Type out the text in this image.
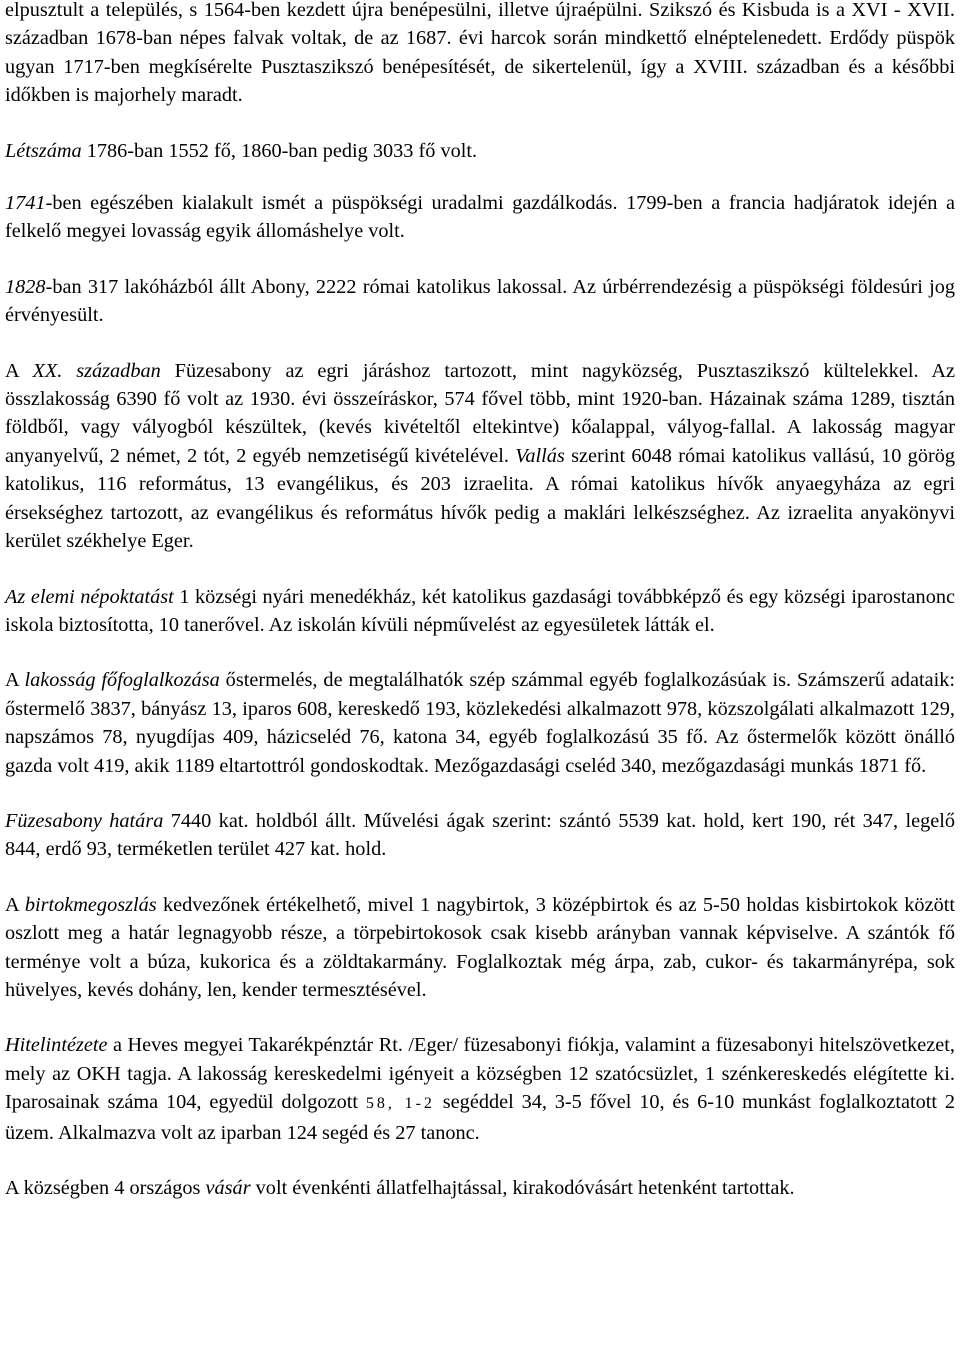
elpusztult a település, s 1564-ben kezdett újra benépesülni, illetve újraépülni. Szikszó és Kisbuda is a XVI - XVII. században 1678-ban népes falvak voltak, de az 1687. évi harcok során mindkettő elnéptelenedett. Erdődy püspök ugyan 1717-ben megkísérelte Pusztaszikszó benépesítését, de sikertelenül, így a XVIII. században és a későbbi időkben is majorhely maradt.

Létszáma 1786-ban 1552 fő, 1860-ban pedig 3033 fő volt.

1741-ben egészében kialakult ismét a püspökségi uradalmi gazdálkodás. 1799-ben a francia hadjáratok idején a felkelő megyei lovasság egyik állomáshelye volt.

1828-ban 317 lakóházból állt Abony, 2222 római katolikus lakossal. Az úrbérrendezésig a püspökségi földesúri jog érvényesült.

A XX. században Füzesabony az egri járáshoz tartozott, mint nagyközség, Pusztaszikszó kültelekkel. Az összlakosság 6390 fő volt az 1930. évi összeíráskor, 574 fővel több, mint 1920-ban. Házainak száma 1289, tisztán földből, vagy vályogból készültek, (kevés kivételtől eltekintve) kőalappal, vályog-fallal. A lakosság magyar anyanyelvű, 2 német, 2 tót, 2 egyéb nemzetiségű kivételével. Vallás szerint 6048 római katolikus vallású, 10 görög katolikus, 116 református, 13 evangélikus, és 203 izraelita. A római katolikus hívők anyaegyháza az egri érsekséghez tartozott, az evangélikus és református hívők pedig a maklári lelkészséghez. Az izraelita anyakönyvi kerület székhelye Eger.

Az elemi népoktatást 1 községi nyári menedékház, két katolikus gazdasági továbbképző és egy községi iparostanonc iskola biztosította, 10 tanerővel. Az iskolán kívüli népművelést az egyesületek látták el.

A lakosság főfoglalkozása őstermelés, de megtalálhatók szép számmal egyéb foglalkozásúak is. Számszerű adataik: őstermelő 3837, bányász 13, iparos 608, kereskedő 193, közlekedési alkalmazott 978, közszolgálati alkalmazott 129, napszámos 78, nyugdíjas 409, házicseléd 76, katona 34, egyéb foglalkozású 35 fő. Az őstermelők között önálló gazda volt 419, akik 1189 eltartottról gondoskodtak. Mezőgazdasági cseléd 340, mezőgazdasági munkás 1871 fő.

Füzesabony határa 7440 kat. holdból állt. Művelési ágak szerint: szántó 5539 kat. hold, kert 190, rét 347, legelő 844, erdő 93, terméketlen terület 427 kat. hold.

A birtokmegoszlás kedvezőnek értékelhető, mivel 1 nagybirtok, 3 középbirtok és az 5-50 holdas kisbirtokok között oszlott meg a határ legnagyobb része, a törpebirtokosok csak kisebb arányban vannak képviselve. A szántók fő terménye volt a búza, kukorica és a zöldtakarmány. Foglalkoztak még árpa, zab, cukor- és takarmányrépa, sok hüvelyes, kevés dohány, len, kender termesztésével.

Hitelintézete a Heves megyei Takarékpénztár Rt. /Eger/ füzesabonyi fiókja, valamint a füzesabonyi hitelszövetkezet, mely az OKH tagja. A lakosság kereskedelmi igényeit a községben 12 szatócsüzlet, 1 szénkereskedés elégítette ki. Iparosainak száma 104, egyedül dolgozott 58, 1-2 segéddel 34, 3-5 fővel 10, és 6-10 munkást foglalkoztatott 2 üzem. Alkalmazva volt az iparban 124 segéd és 27 tanonc.

A községben 4 országos vásár volt évenkénti állatfelhajtással, kirakodóvásárt hetenként tartottak.
